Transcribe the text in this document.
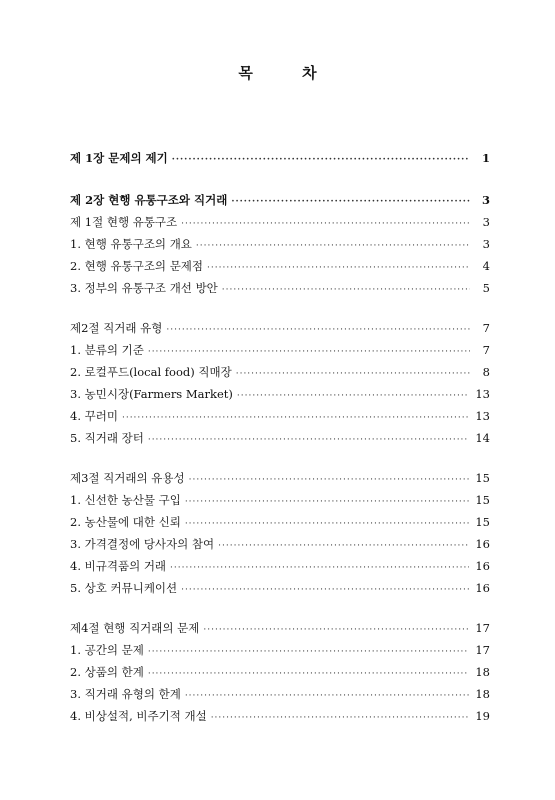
목 차
제 1장 문제의 제기 ·····	1
제 2장 현행 유통구조와 직거래 ·····	3
제 1절 현행 유통구조 ·····	3
1. 현행 유통구조의 개요 ·····	3
2. 현행 유통구조의 문제점 ·····	4
3. 정부의 유통구조 개선 방안 ·····	5
제2절 직거래 유형 ·····	7
1. 분류의 기준 ·····	7
2. 로컬푸드(local food) 직매장 ·····	8
3. 농민시장(Farmers Market) ·····	13
4. 꾸러미 ·····	13
5. 직거래 장터 ·····	14
제3절 직거래의 유용성 ·····	15
1. 신선한 농산물 구입 ·····	15
2. 농산물에 대한 신뢰 ·····	15
3. 가격결정에 당사자의 참여 ·····	16
4. 비규격품의 거래 ·····	16
5. 상호 커뮤니케이션 ·····	16
제4절 현행 직거래의 문제 ·····	17
1. 공간의 문제 ·····	17
2. 상품의 한계 ·····	18
3. 직거래 유형의 한계 ·····	18
4. 비상설적, 비주기적 개설 ·····	19
